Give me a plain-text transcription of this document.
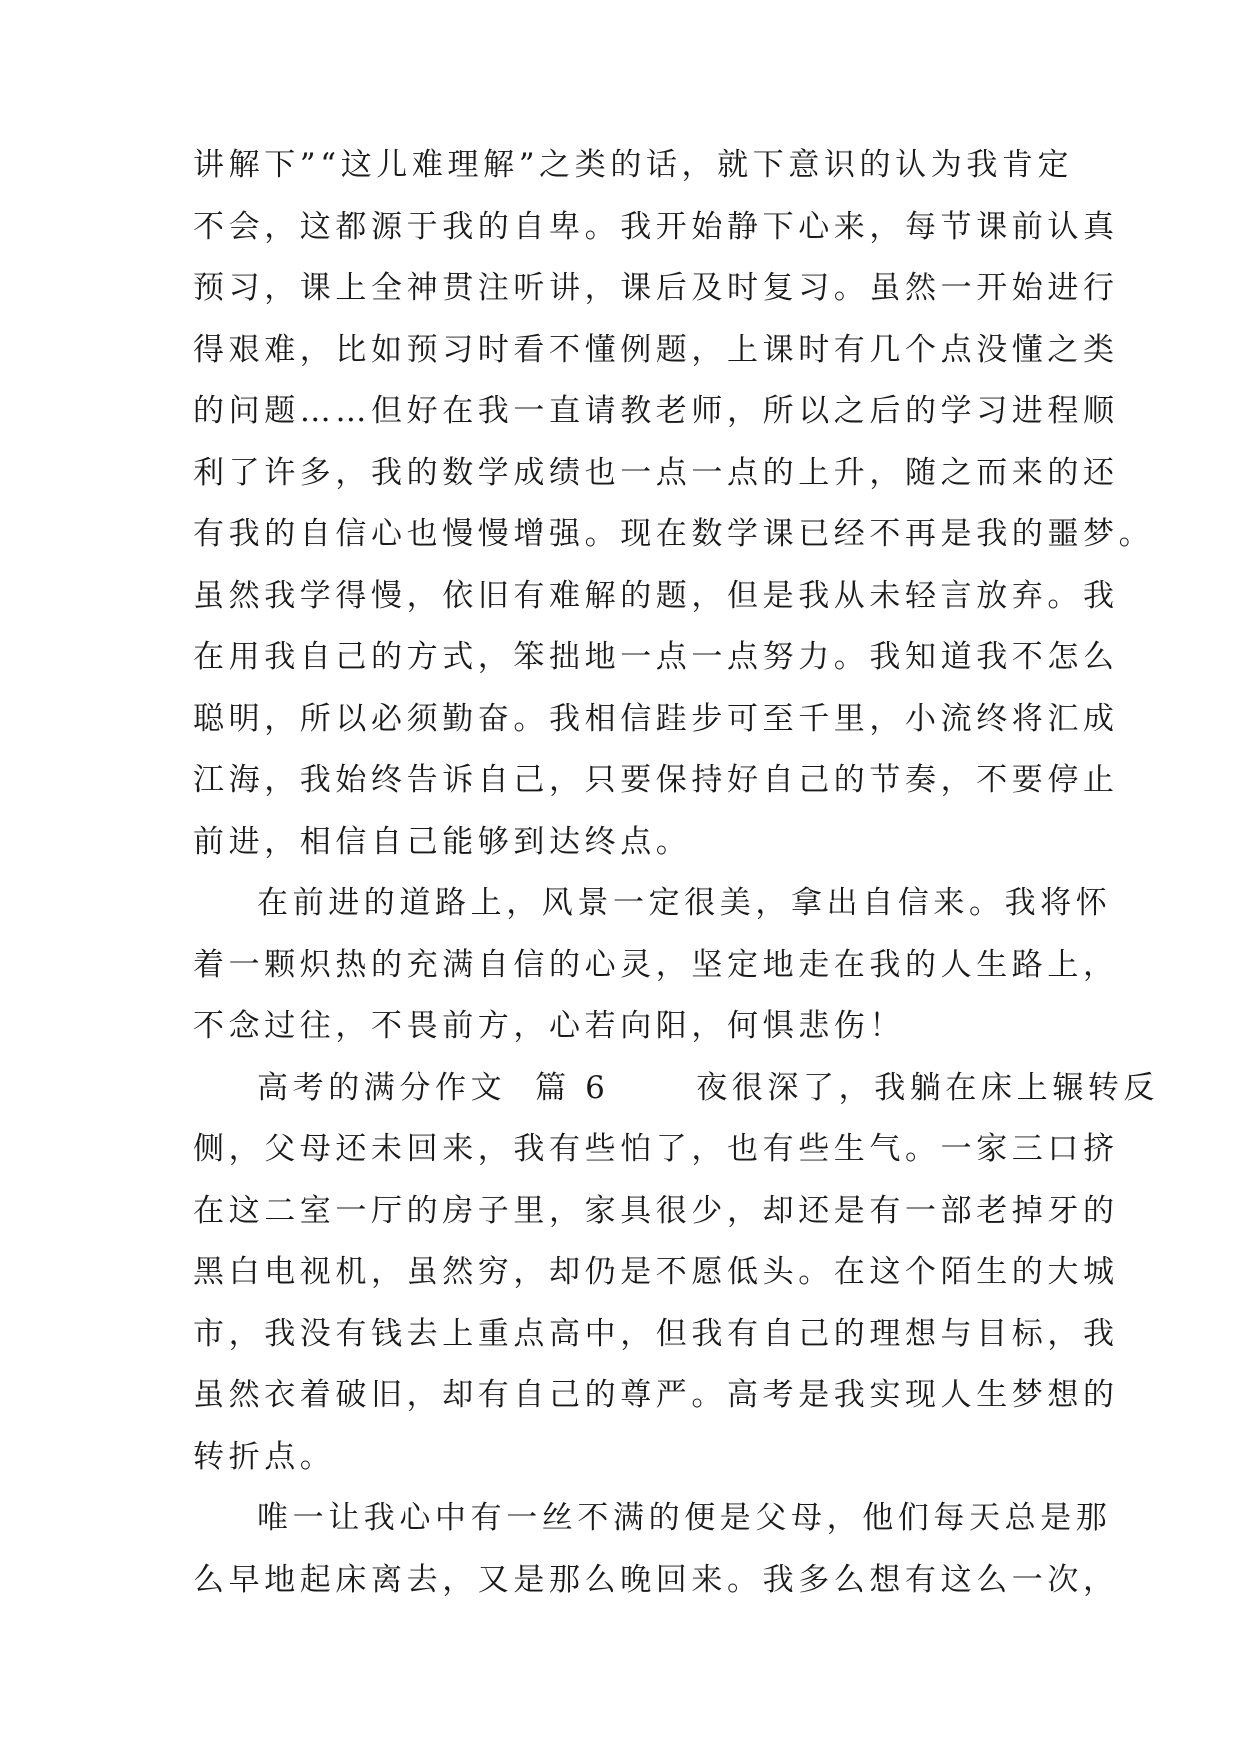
讲解下”“这儿难理解”之类的话，就下意识的认为我肯定
不会，这都源于我的自卑。我开始静下心来，每节课前认真
预习，课上全神贯注听讲，课后及时复习。虽然一开始进行
得艰难，比如预习时看不懂例题，上课时有几个点没懂之类
的问题……但好在我一直请教老师，所以之后的学习进程顺
利了许多，我的数学成绩也一点一点的上升，随之而来的还
有我的自信心也慢慢增强。现在数学课已经不再是我的噩梦。
虽然我学得慢，依旧有难解的题，但是我从未轻言放弃。我
在用我自己的方式，笨拙地一点一点努力。我知道我不怎么
聪明，所以必须勤奋。我相信跬步可至千里，小流终将汇成
江海，我始终告诉自己，只要保持好自己的节奏，不要停止
前进，相信自己能够到达终点。
在前进的道路上，风景一定很美，拿出自信来。我将怀
着一颗炽热的充满自信的心灵，坚定地走在我的人生路上，
不念过往，不畏前方，心若向阳，何惧悲伤！
高考的满分作文  篇 6      夜很深了，我躺在床上辗转反
侧，父母还未回来，我有些怕了，也有些生气。一家三口挤
在这二室一厅的房子里，家具很少，却还是有一部老掉牙的
黑白电视机，虽然穷，却仍是不愿低头。在这个陌生的大城
市，我没有钱去上重点高中，但我有自己的理想与目标，我
虽然衣着破旧，却有自己的尊严。高考是我实现人生梦想的
转折点。
唯一让我心中有一丝不满的便是父母，他们每天总是那
么早地起床离去，又是那么晚回来。我多么想有这么一次，
